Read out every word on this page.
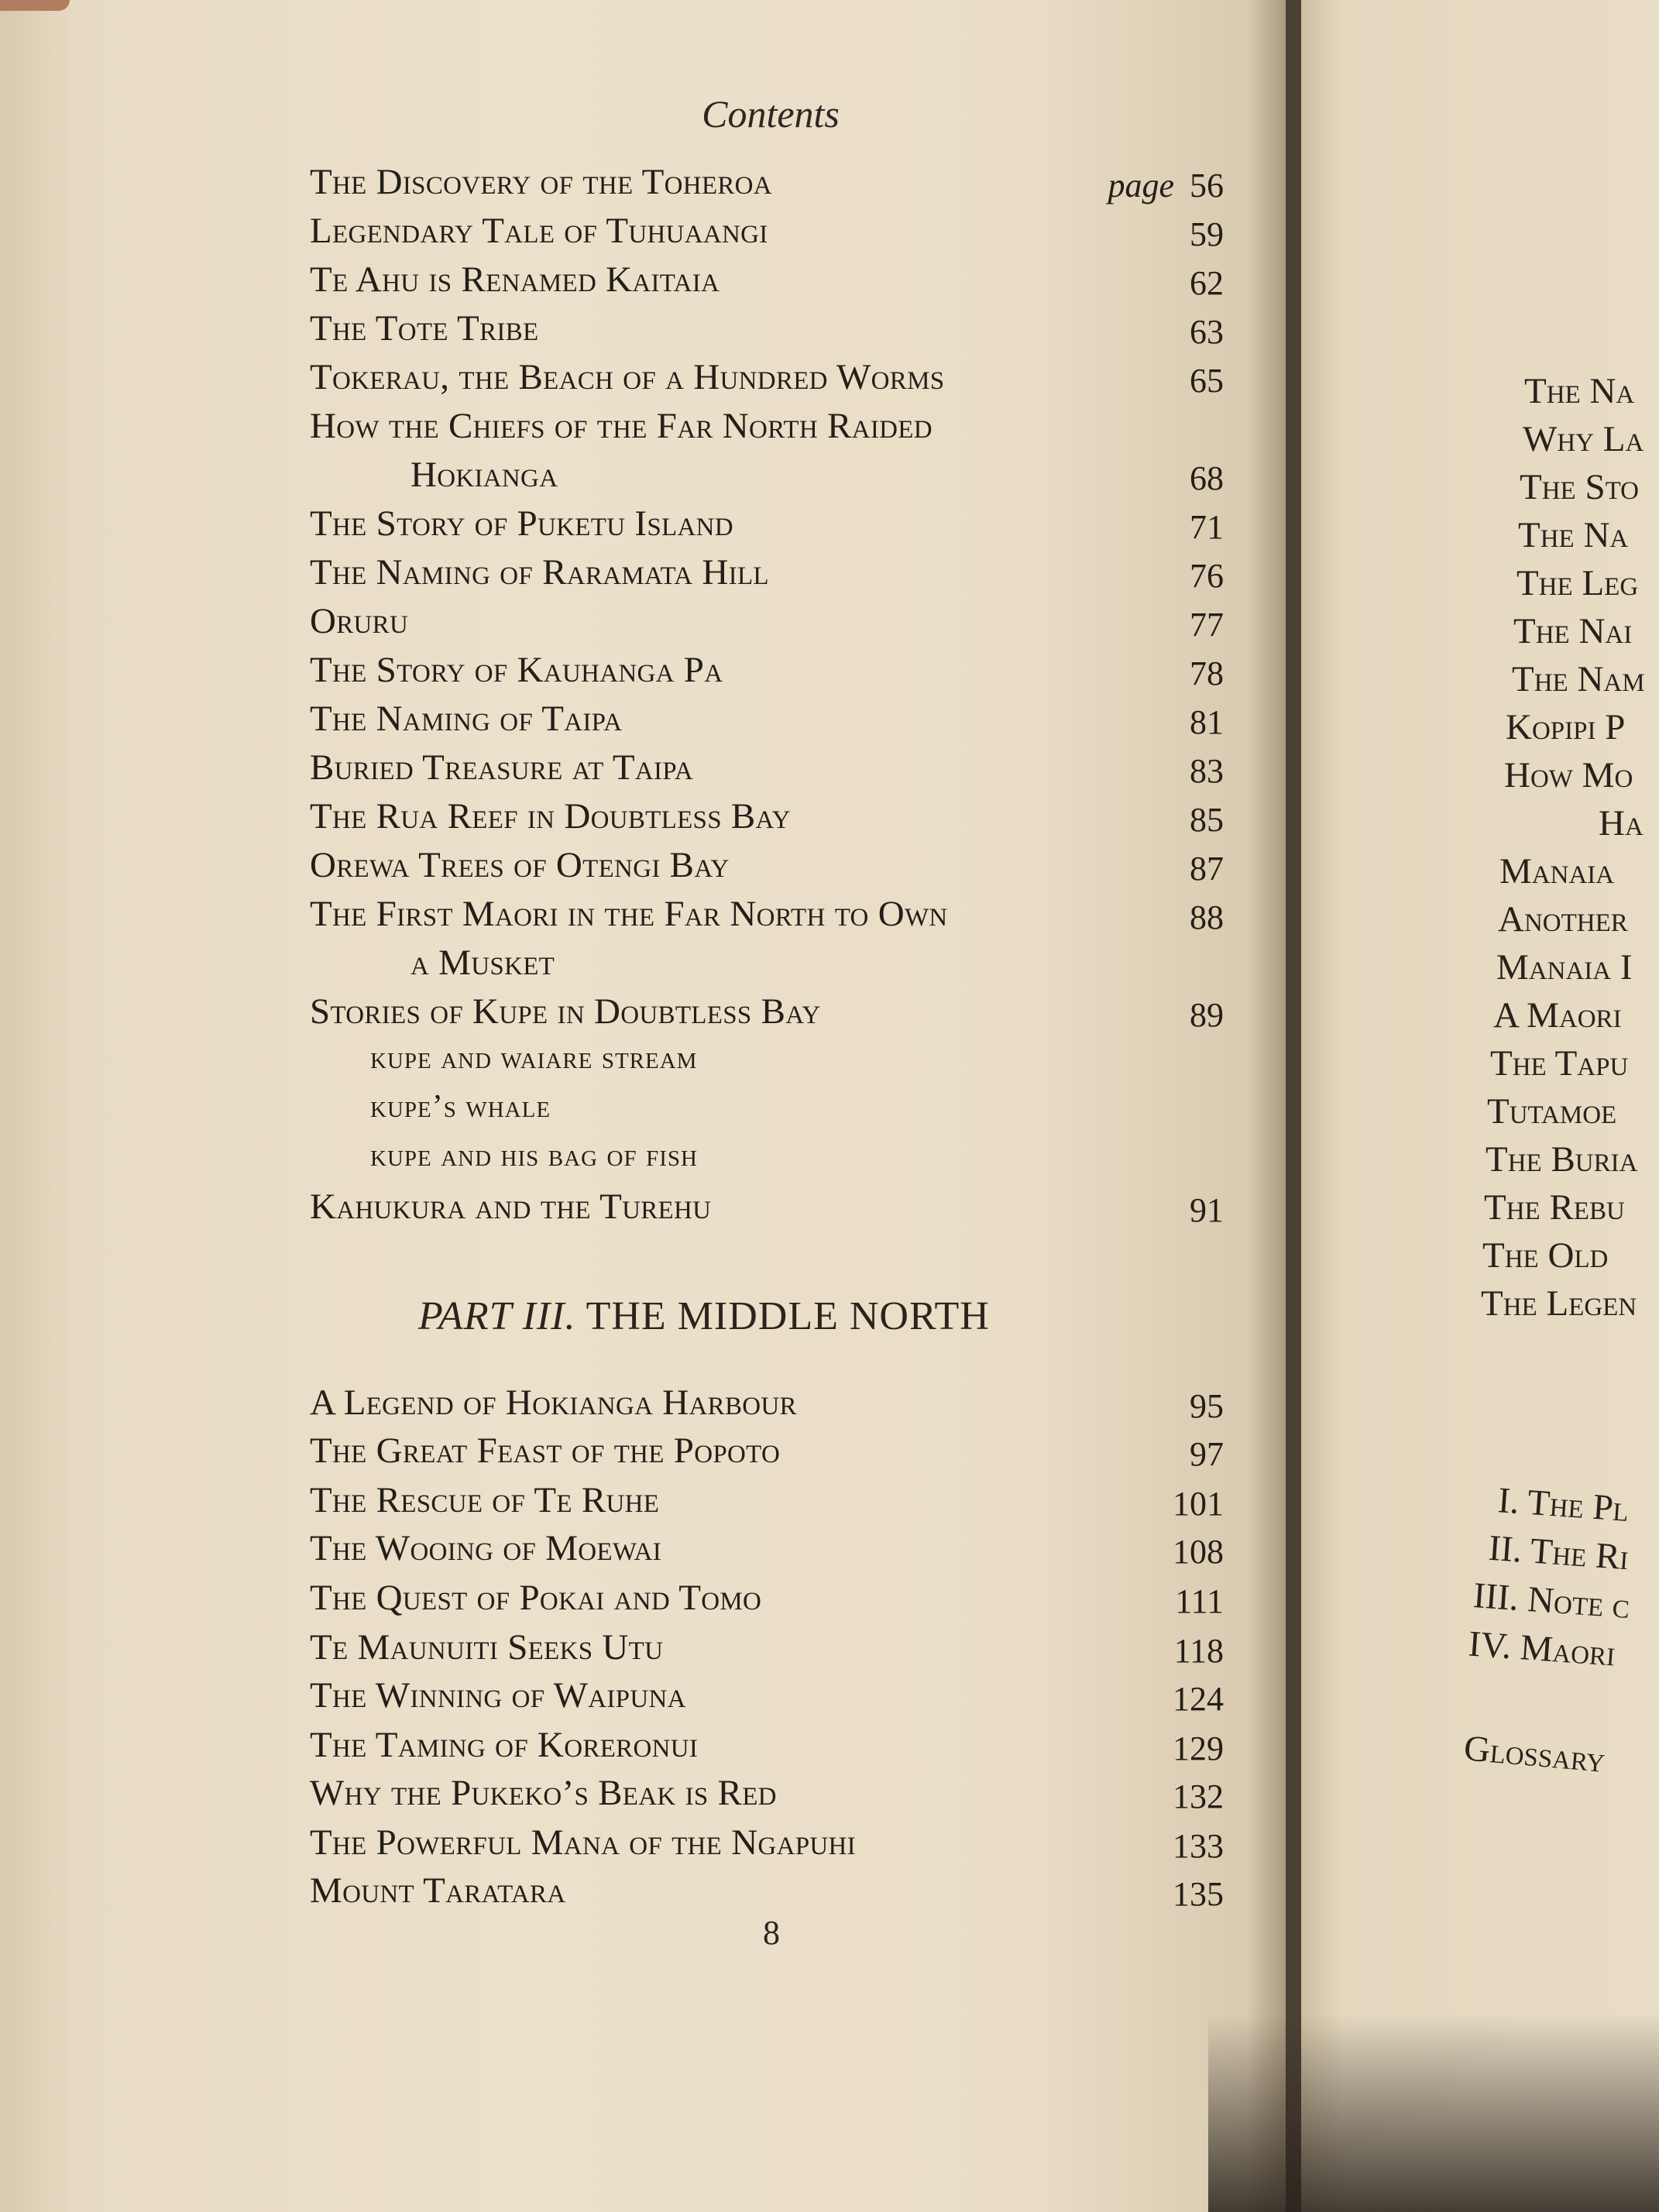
Contents
The Discovery of the Toheroa	page 56
Legendary Tale of Tuhuaangi	59
Te Ahu is Renamed Kaitaia	62
The Tote Tribe	63
Tokerau, the Beach of a Hundred Worms	65
How the Chiefs of the Far North Raided
Hokianga	68
The Story of Puketu Island	71
The Naming of Raramata Hill	76
Oruru	77
The Story of Kauhanga Pa	78
The Naming of Taipa	81
Buried Treasure at Taipa	83
The Rua Reef in Doubtless Bay	85
Orewa Trees of Otengi Bay	87
The First Maori in the Far North to Own	88
a Musket
Stories of Kupe in Doubtless Bay	89
kupe and waiare stream
kupe’s whale
kupe and his bag of fish
Kahukura and the Turehu	91
A Legend of Hokianga Harbour	95
The Great Feast of the Popoto	97
The Rescue of Te Ruhe	101
The Wooing of Moewai	108
The Quest of Pokai and Tomo	111
Te Maunuiti Seeks Utu	118
The Winning of Waipuna	124
The Taming of Koreronui	129
Why the Pukeko’s Beak is Red	132
The Powerful Mana of the Ngapuhi	133
Mount Taratara	135
PART III. THE MIDDLE NORTH
8
The Na
Why La
The Sto
The Na
The Leg
The Nai
The Nam
Kopipi P
How Mo
Ha
Manaia
Another
Manaia I
A Maori
The Tapu
Tutamoe
The Buria
The Rebu
The Old
The Legen
I. The Pl
II. The Ri
III. Note c
IV. Maori
Glossary
